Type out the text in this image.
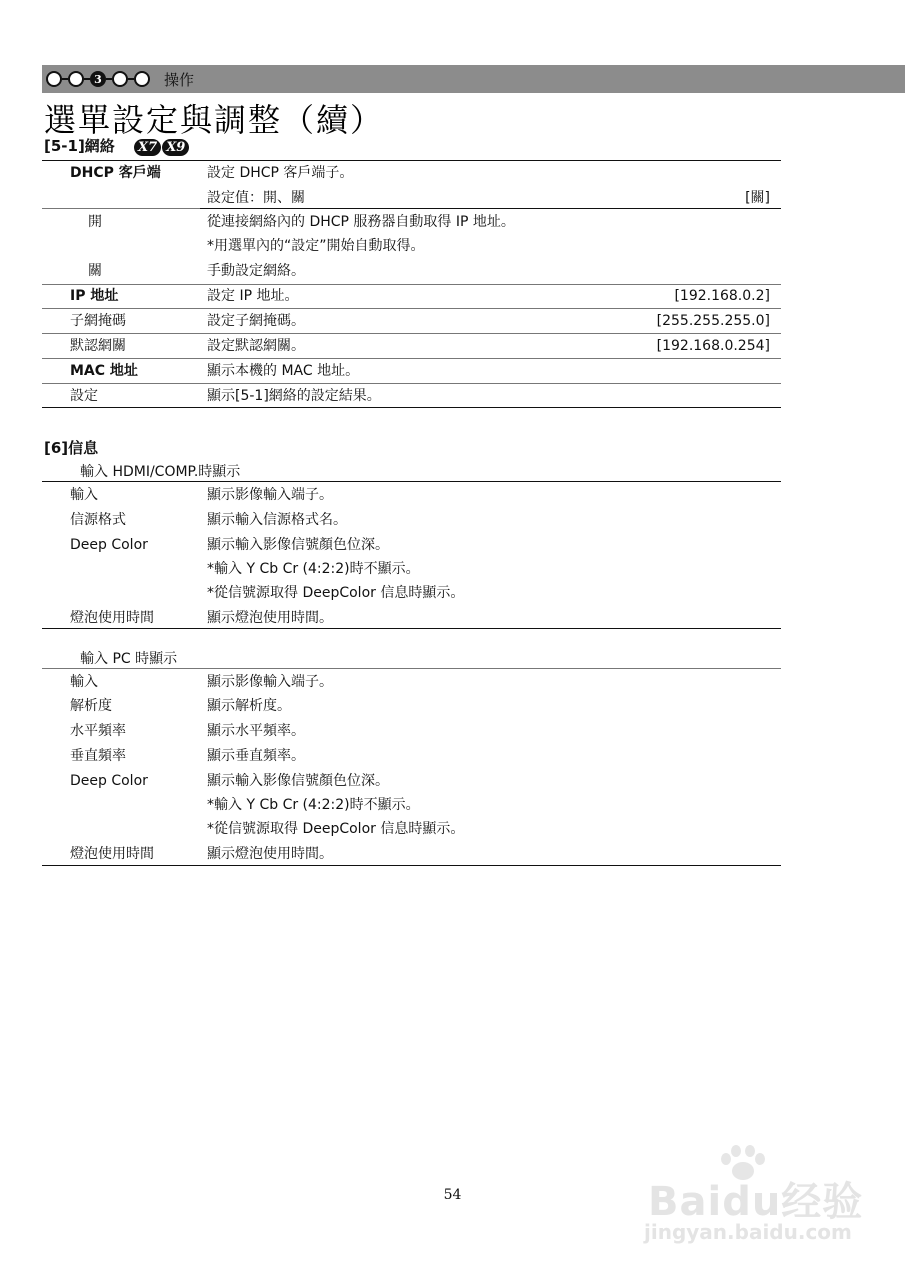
3	操作
選單設定與調整（續）
[5-1]網絡 X7 X9
DHCP 客戶端	設定 DHCP 客戶端子。
設定值：開、關	[關]
開	從連接網絡內的 DHCP 服務器自動取得 IP 地址。
*用選單內的“設定”開始自動取得。
關	手動設定網絡。
IP 地址	設定 IP 地址。	[192.168.0.2]
子網掩碼	設定子網掩碼。	[255.255.255.0]
默認網關	設定默認網關。	[192.168.0.254]
MAC 地址	顯示本機的 MAC 地址。
設定	顯示[5-1]網絡的設定結果。
[6]信息
輸入 HDMI/COMP.時顯示
輸入	顯示影像輸入端子。
信源格式	顯示輸入信源格式名。
Deep Color	顯示輸入影像信號顏色位深。
*輸入 Y Cb Cr (4:2:2)時不顯示。
*從信號源取得 DeepColor 信息時顯示。
燈泡使用時間	顯示燈泡使用時間。
輸入 PC 時顯示
輸入	顯示影像輸入端子。
解析度	顯示解析度。
水平頻率	顯示水平頻率。
垂直頻率	顯示垂直頻率。
Deep Color	顯示輸入影像信號顏色位深。
*輸入 Y Cb Cr (4:2:2)時不顯示。
*從信號源取得 DeepColor 信息時顯示。
燈泡使用時間	顯示燈泡使用時間。
54	Baidu经验
jingyan.baidu.com
